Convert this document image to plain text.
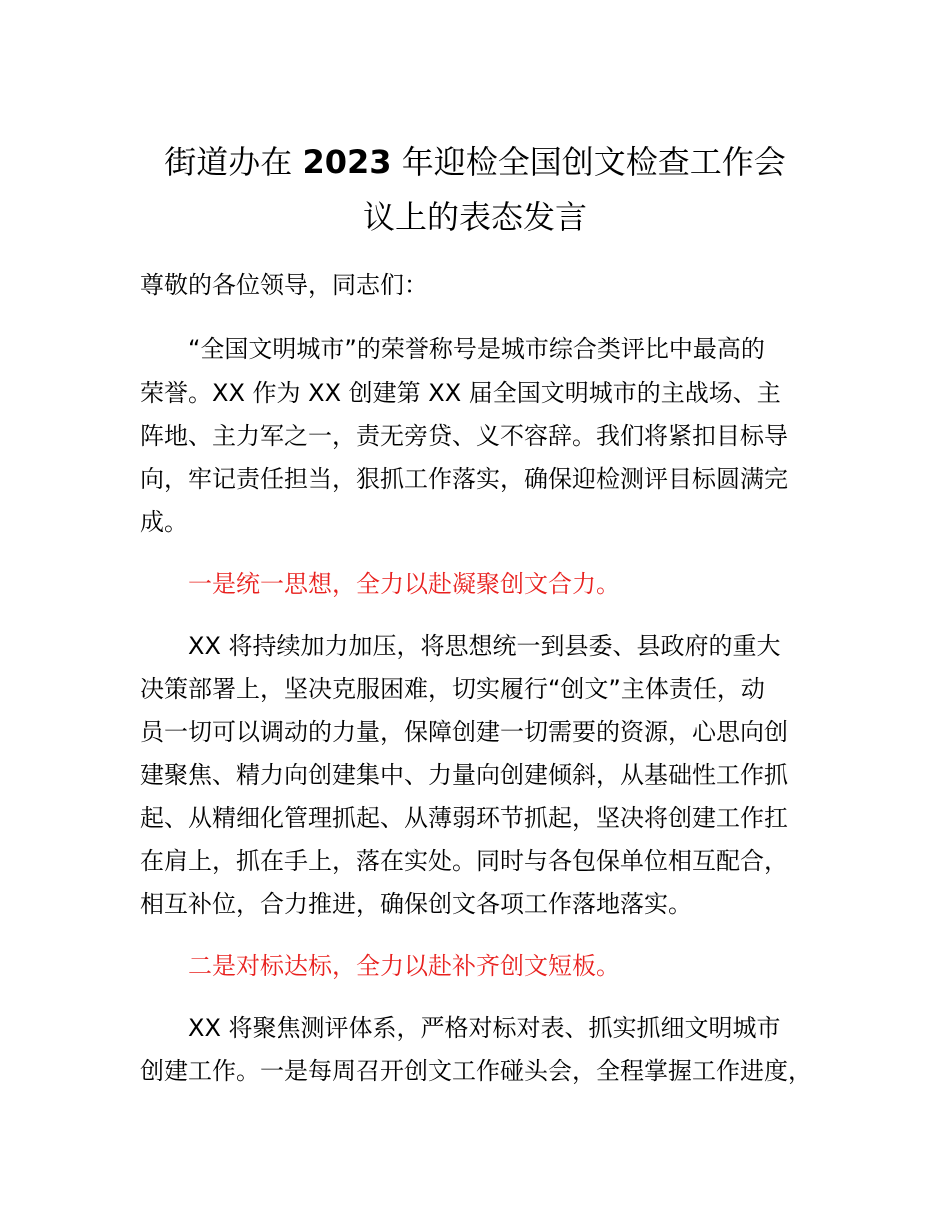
街道办在 2023 年迎检全国创文检查工作会
议上的表态发言

尊敬的各位领导，同志们：

“全国文明城市”的荣誉称号是城市综合类评比中最高的

荣誉。XX 作为 XX 创建第 XX 届全国文明城市的主战场、主

阵地、主力军之一，责无旁贷、义不容辞。我们将紧扣目标导

向，牢记责任担当，狠抓工作落实，确保迎检测评目标圆满完

成。

一是统一思想，全力以赴凝聚创文合力。

XX 将持续加力加压，将思想统一到县委、县政府的重大

决策部署上，坚决克服困难，切实履行“创文”主体责任，动

员一切可以调动的力量，保障创建一切需要的资源，心思向创

建聚焦、精力向创建集中、力量向创建倾斜，从基础性工作抓

起、从精细化管理抓起、从薄弱环节抓起，坚决将创建工作扛

在肩上，抓在手上，落在实处。同时与各包保单位相互配合，

相互补位，合力推进，确保创文各项工作落地落实。

二是对标达标，全力以赴补齐创文短板。

XX 将聚焦测评体系，严格对标对表、抓实抓细文明城市

创建工作。一是每周召开创文工作碰头会，全程掌握工作进度，
